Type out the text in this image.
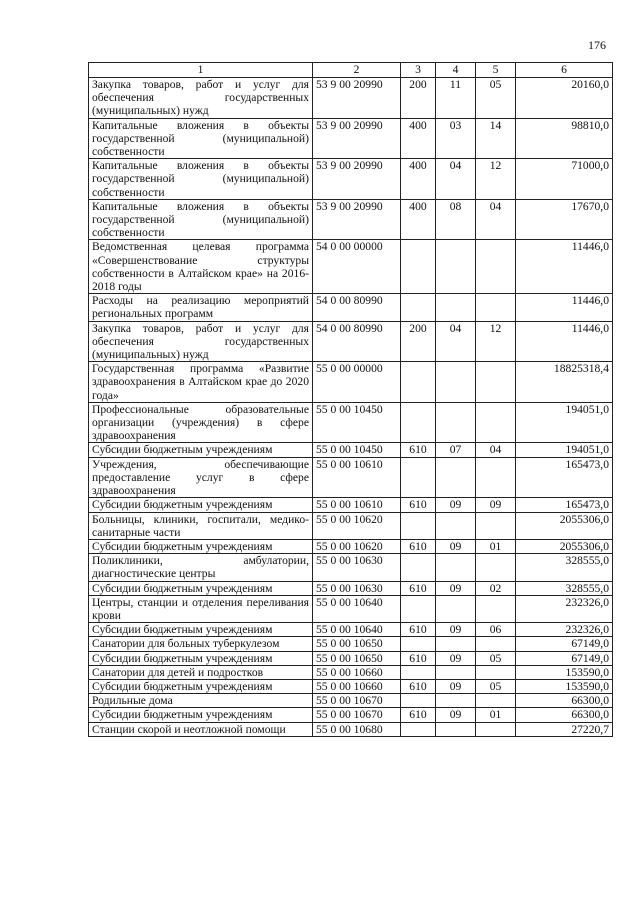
176
1	2	3	4	5	6
Закупка товаров, работ и услуг для обеспечения государственных (муниципальных) нужд	53 9 00 20990	200	11	05	20160,0
Капитальные вложения в объекты государственной (муниципальной) собственности	53 9 00 20990	400	03	14	98810,0
Капитальные вложения в объекты государственной (муниципальной) собственности	53 9 00 20990	400	04	12	71000,0
Капитальные вложения в объекты государственной (муниципальной) собственности	53 9 00 20990	400	08	04	17670,0
Ведомственная целевая программа «Совершенствование структуры собственности в Алтайском крае» на 2016-2018 годы	54 0 00 00000				11446,0
Расходы на реализацию мероприятий региональных программ	54 0 00 80990				11446,0
Закупка товаров, работ и услуг для обеспечения государственных (муниципальных) нужд	54 0 00 80990	200	04	12	11446,0
Государственная программа «Развитие здравоохранения в Алтайском крае до 2020 года»	55 0 00 00000				18825318,4
Профессиональные образовательные организации (учреждения) в сфере здравоохранения	55 0 00 10450				194051,0
Субсидии бюджетным учреждениям	55 0 00 10450	610	07	04	194051,0
Учреждения, обеспечивающие предоставление услуг в сфере здравоохранения	55 0 00 10610				165473,0
Субсидии бюджетным учреждениям	55 0 00 10610	610	09	09	165473,0
Больницы, клиники, госпитали, медико-санитарные части	55 0 00 10620				2055306,0
Субсидии бюджетным учреждениям	55 0 00 10620	610	09	01	2055306,0
Поликлиники, амбулатории, диагностические центры	55 0 00 10630				328555,0
Субсидии бюджетным учреждениям	55 0 00 10630	610	09	02	328555,0
Центры, станции и отделения переливания крови	55 0 00 10640				232326,0
Субсидии бюджетным учреждениям	55 0 00 10640	610	09	06	232326,0
Санатории для больных туберкулезом	55 0 00 10650				67149,0
Субсидии бюджетным учреждениям	55 0 00 10650	610	09	05	67149,0
Санатории для детей и подростков	55 0 00 10660				153590,0
Субсидии бюджетным учреждениям	55 0 00 10660	610	09	05	153590,0
Родильные дома	55 0 00 10670				66300,0
Субсидии бюджетным учреждениям	55 0 00 10670	610	09	01	66300,0
Станции скорой и неотложной помощи	55 0 00 10680				27220,7
